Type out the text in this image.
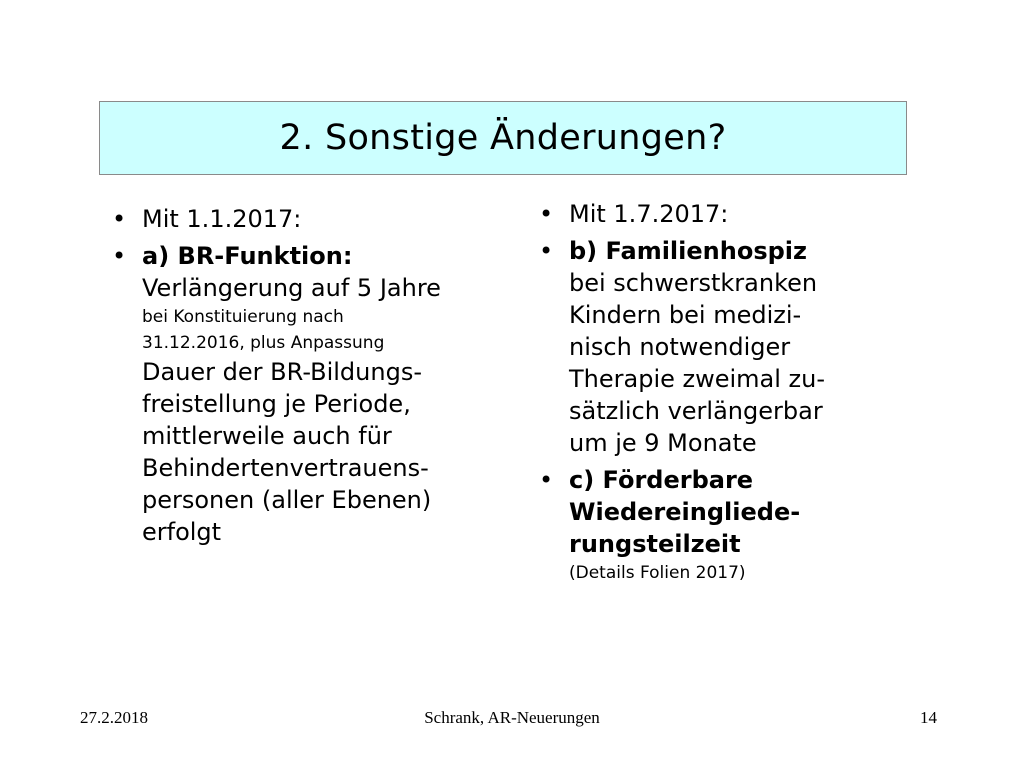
2. Sonstige Änderungen?
• Mit 1.1.2017:
• a) BR-Funktion:
Verlängerung auf 5 Jahre
bei Konstituierung nach
31.12.2016, plus Anpassung
Dauer der BR-Bildungs-
freistellung je Periode,
mittlerweile auch für
Behindertenvertrauens-
personen (aller Ebenen)
erfolgt
• Mit 1.7.2017:
• b) Familienhospiz
bei schwerstkranken
Kindern bei medizi-
nisch notwendiger
Therapie zweimal zu-
sätzlich verlängerbar
um je 9 Monate
• c) Förderbare
Wiedereingliede-
rungsteilzeit
(Details Folien 2017)
27.2.2018	Schrank, AR-Neuerungen	14
